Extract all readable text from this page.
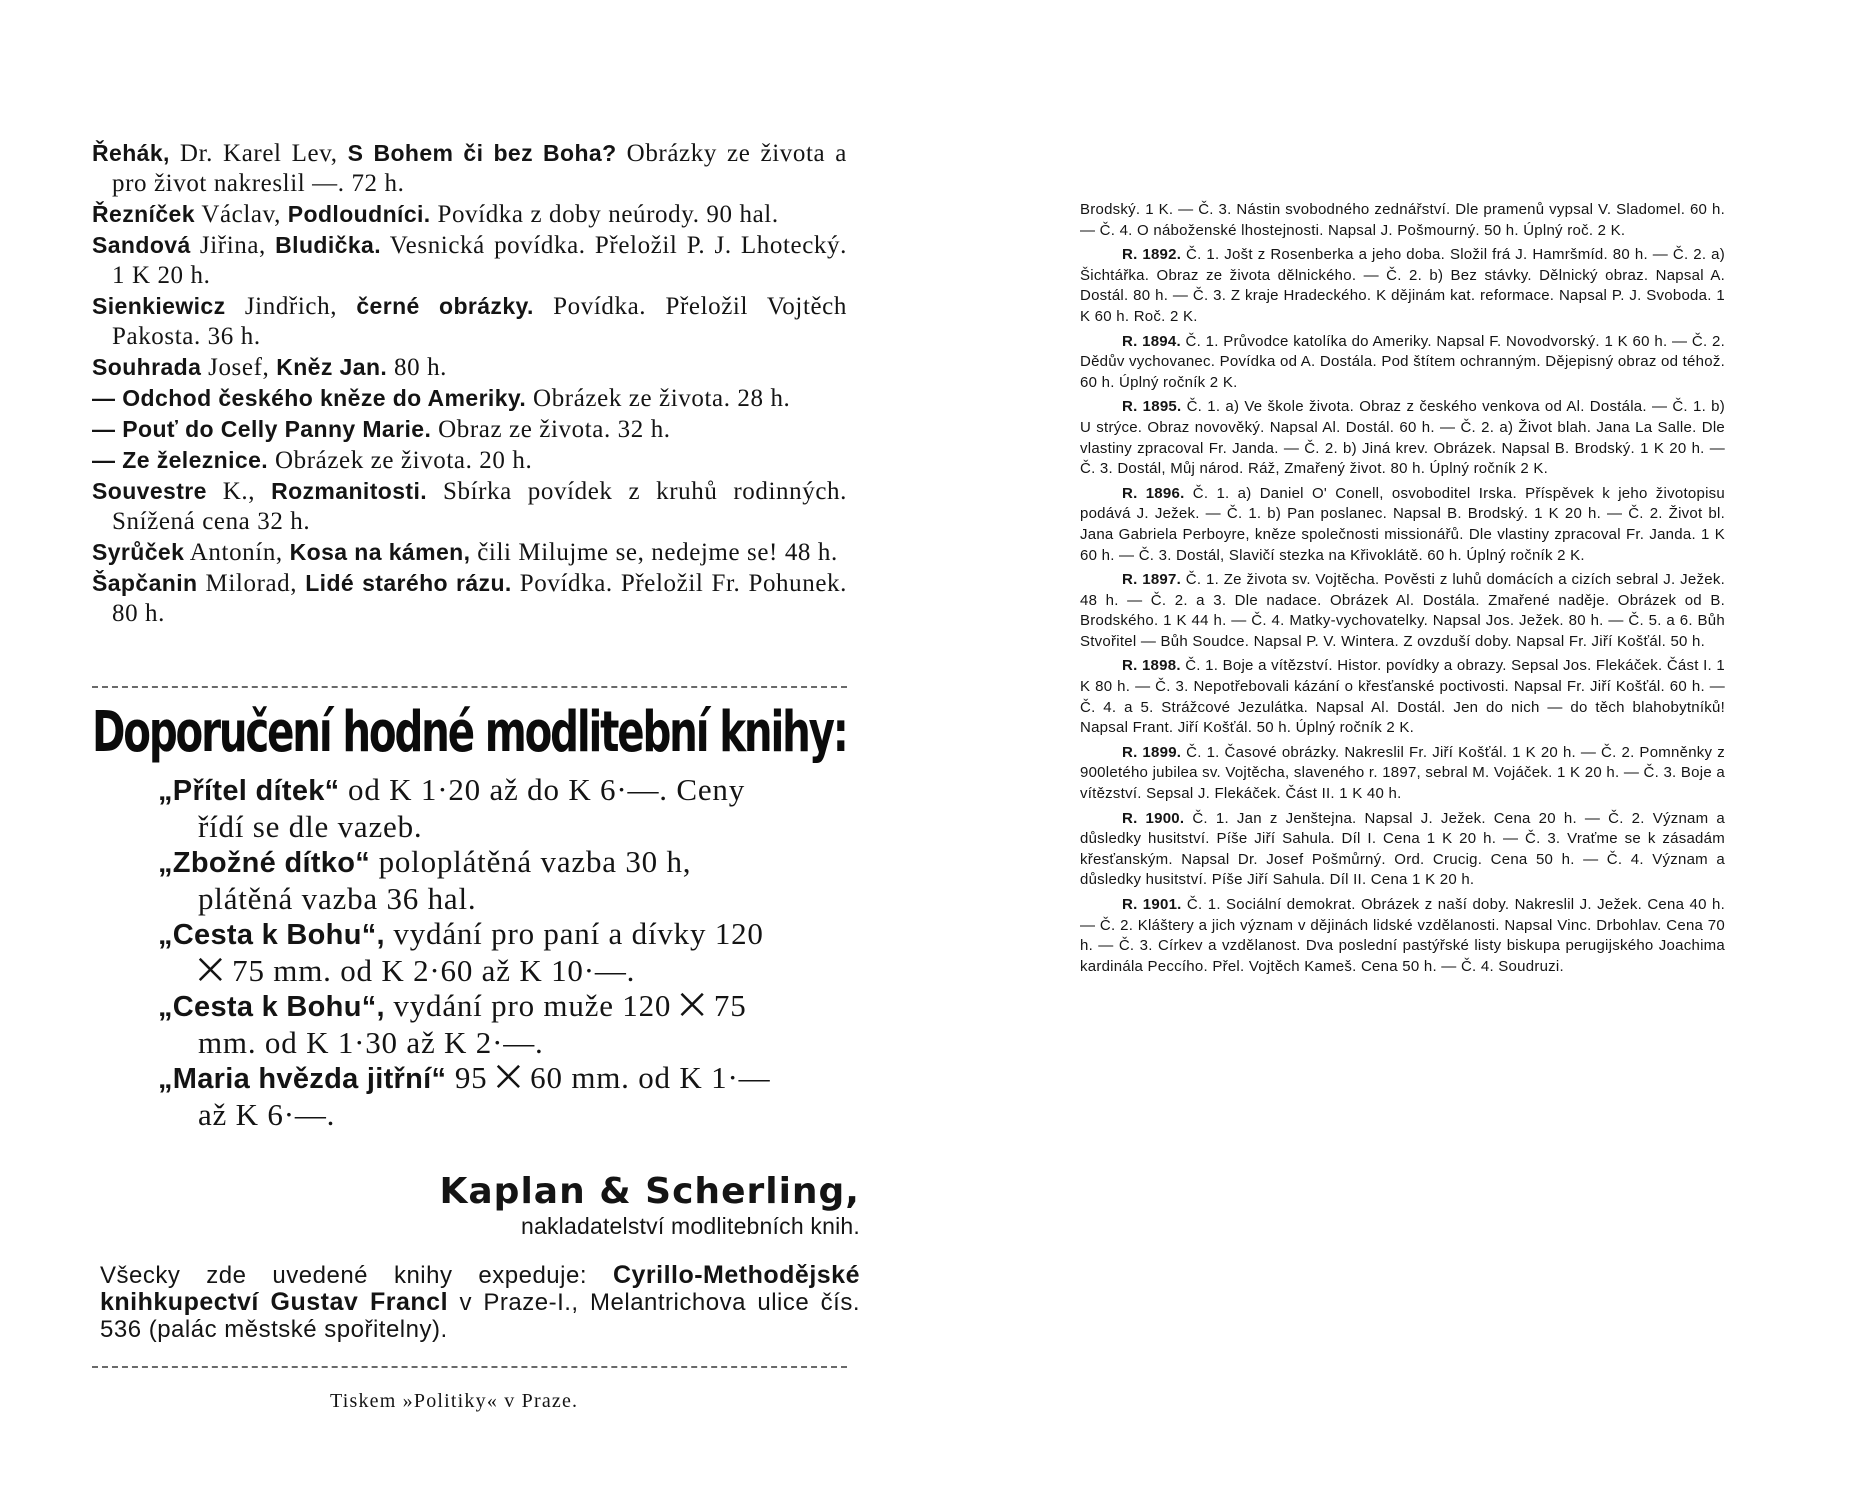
Řehák, Dr. Karel Lev, S Bohem či bez Boha? Obrázky ze života a pro život nakreslil —. 72 h.

Řezníček Václav, Podloudníci. Povídka z doby neúrody. 90 hal.

Sandová Jiřina, Bludička. Vesnická povídka. Přeložil P. J. Lhotecký. 1 K 20 h.

Sienkiewicz Jindřich, černé obrázky. Povídka. Přeložil Vojtěch Pakosta. 36 h.

Souhrada Josef, Kněz Jan. 80 h.

— Odchod českého kněze do Ameriky. Obrázek ze života. 28 h.

— Pouť do Celly Panny Marie. Obraz ze života. 32 h.

— Ze železnice. Obrázek ze života. 20 h.

Souvestre K., Rozmanitosti. Sbírka povídek z kruhů rodinných. Snížená cena 32 h.

Syrůček Antonín, Kosa na kámen, čili Milujme se, nedejme se! 48 h.

Šapčanin Milorad, Lidé starého rázu. Povídka. Přeložil Fr. Pohunek. 80 h.

Doporučení hodné modlitební knihy:

„Přítel dítek“ od K 1·20 až do K 6·—. Ceny řídí se dle vazeb.

„Zbožné dítko“ poloplátěná vazba 30 h, plátěná vazba 36 hal.

„Cesta k Bohu“, vydání pro paní a dívky 120 ⨉ 75 mm. od K 2·60 až K 10·—.

„Cesta k Bohu“, vydání pro muže 120 ⨉ 75 mm. od K 1·30 až K 2·—.

„Maria hvězda jitřní“ 95 ⨉ 60 mm. od K 1·— až K 6·—.

Kaplan & Scherling,
nakladatelství modlitebních knih.
Všecky zde uvedené knihy expeduje: Cyrillo-Methodějské knihkupectví Gustav Francl v Praze-I., Melantrichova ulice čís. 536 (palác městské spořitelny).
Tiskem »Politiky« v Praze.

Brodský. 1 K. — Č. 3. Nástin svobodného zednářství. Dle pramenů vypsal V. Sladomel. 60 h. — Č. 4. O náboženské lhostejnosti. Napsal J. Pošmourný. 50 h. Úplný roč. 2 K.

R. 1892. Č. 1. Jošt z Rosenberka a jeho doba. Složil frá J. Hamršmíd. 80 h. — Č. 2. a) Šichtářka. Obraz ze života dělnického. — Č. 2. b) Bez stávky. Dělnický obraz. Napsal A. Dostál. 80 h. — Č. 3. Z kraje Hradeckého. K dějinám kat. reformace. Napsal P. J. Svoboda. 1 K 60 h. Roč. 2 K.

R. 1894. Č. 1. Průvodce katolíka do Ameriky. Napsal F. Novodvorský. 1 K 60 h. — Č. 2. Dědův vychovanec. Povídka od A. Dostála. Pod štítem ochranným. Dějepisný obraz od téhož. 60 h. Úplný ročník 2 K.

R. 1895. Č. 1. a) Ve škole života. Obraz z českého venkova od Al. Dostála. — Č. 1. b) U strýce. Obraz novověký. Napsal Al. Dostál. 60 h. — Č. 2. a) Život blah. Jana La Salle. Dle vlastiny zpracoval Fr. Janda. — Č. 2. b) Jiná krev. Obrázek. Napsal B. Brodský. 1 K 20 h. — Č. 3. Dostál, Můj národ. Ráž, Zmařený život. 80 h. Úplný ročník 2 K.

R. 1896. Č. 1. a) Daniel O' Conell, osvoboditel Irska. Příspěvek k jeho životopisu podává J. Ježek. — Č. 1. b) Pan poslanec. Napsal B. Brodský. 1 K 20 h. — Č. 2. Život bl. Jana Gabriela Perboyre, kněze společnosti missionářů. Dle vlastiny zpracoval Fr. Janda. 1 K 60 h. — Č. 3. Dostál, Slavičí stezka na Křivoklátě. 60 h. Úplný ročník 2 K.

R. 1897. Č. 1. Ze života sv. Vojtěcha. Pověsti z luhů domácích a cizích sebral J. Ježek. 48 h. — Č. 2. a 3. Dle nadace. Obrázek Al. Dostála. Zmařené naděje. Obrázek od B. Brodského. 1 K 44 h. — Č. 4. Matky-vychovatelky. Napsal Jos. Ježek. 80 h. — Č. 5. a 6. Bůh Stvořitel — Bůh Soudce. Napsal P. V. Wintera. Z ovzduší doby. Napsal Fr. Jiří Košťál. 50 h.

R. 1898. Č. 1. Boje a vítězství. Histor. povídky a obrazy. Sepsal Jos. Flekáček. Část I. 1 K 80 h. — Č. 3. Nepotřebovali kázání o křesťanské poctivosti. Napsal Fr. Jiří Košťál. 60 h. — Č. 4. a 5. Strážcové Jezulátka. Napsal Al. Dostál. Jen do nich — do těch blahobytníků! Napsal Frant. Jiří Košťál. 50 h. Úplný ročník 2 K.

R. 1899. Č. 1. Časové obrázky. Nakreslil Fr. Jiří Košťál. 1 K 20 h. — Č. 2. Pomněnky z 900letého jubilea sv. Vojtěcha, slaveného r. 1897, sebral M. Vojáček. 1 K 20 h. — Č. 3. Boje a vítězství. Sepsal J. Flekáček. Část II. 1 K 40 h.

R. 1900. Č. 1. Jan z Jenštejna. Napsal J. Ježek. Cena 20 h. — Č. 2. Význam a důsledky husitství. Píše Jiří Sahula. Díl I. Cena 1 K 20 h. — Č. 3. Vraťme se k zásadám křesťanským. Napsal Dr. Josef Pošmůrný. Ord. Crucig. Cena 50 h. — Č. 4. Význam a důsledky husitství. Píše Jiří Sahula. Díl II. Cena 1 K 20 h.

R. 1901. Č. 1. Sociální demokrat. Obrázek z naší doby. Nakreslil J. Ježek. Cena 40 h. — Č. 2. Kláštery a jich význam v dějinách lidské vzdělanosti. Napsal Vinc. Drbohlav. Cena 70 h. — Č. 3. Církev a vzdělanost. Dva poslední pastýřské listy biskupa perugijského Joachima kardinála Peccího. Přel. Vojtěch Kameš. Cena 50 h. — Č. 4. Soudruzi.
